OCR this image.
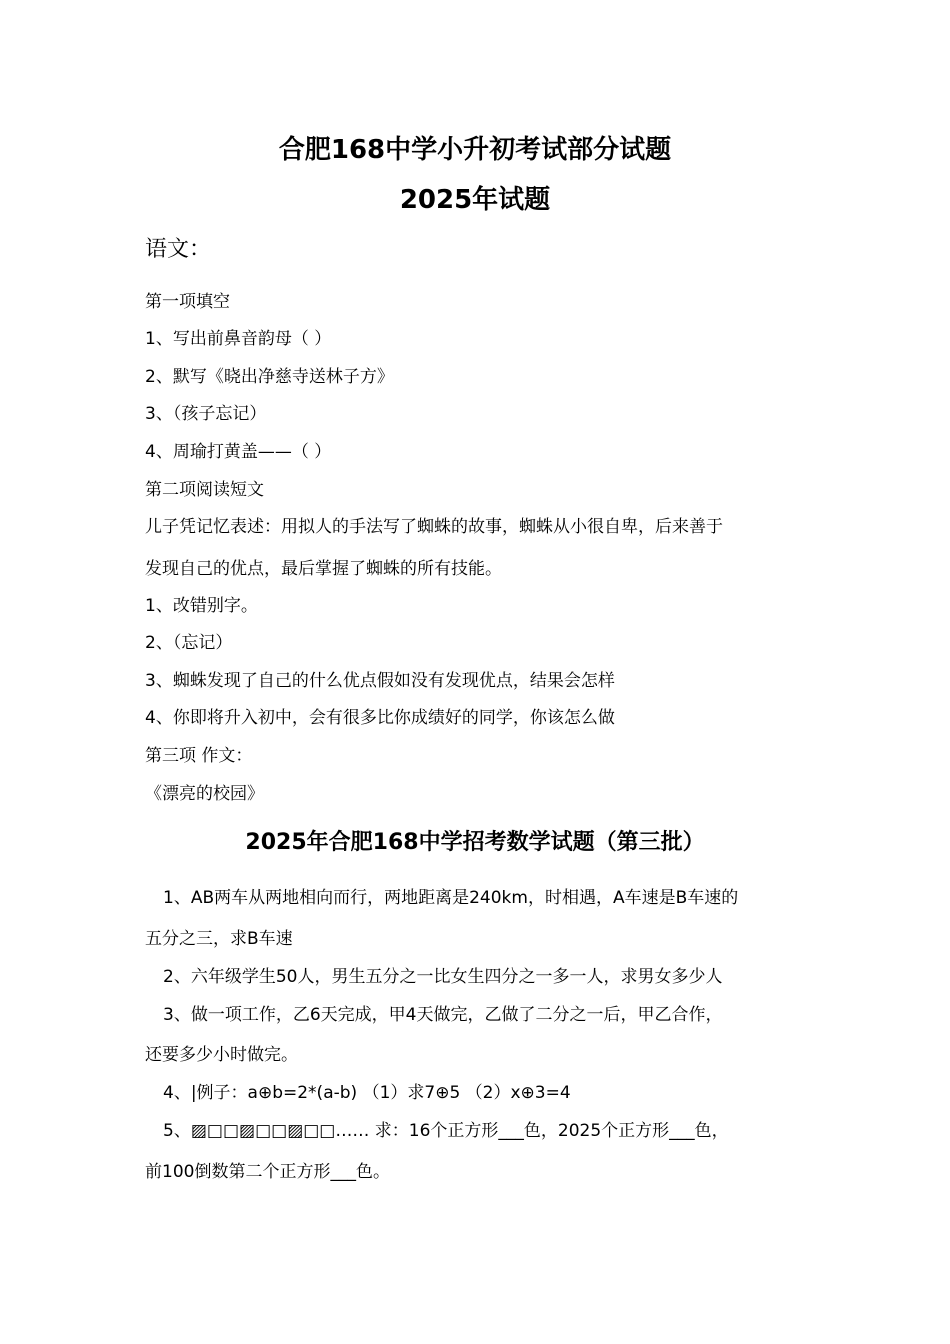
合肥168中学小升初考试部分试题
2025年试题
语文：
第一项填空
1、写出前鼻音韵母（ ）
2、默写《晓出净慈寺送林子方》
3、（孩子忘记）
4、周瑜打黄盖——（ ）
第二项阅读短文
儿子凭记忆表述：用拟人的手法写了蜘蛛的故事，蜘蛛从小很自卑，后来善于
发现自己的优点，最后掌握了蜘蛛的所有技能。
1、改错别字。
2、（忘记）
3、蜘蛛发现了自己的什么优点假如没有发现优点，结果会怎样
4、你即将升入初中，会有很多比你成绩好的同学，你该怎么做
第三项 作文：
《漂亮的校园》
2025年合肥168中学招考数学试题（第三批）
1、AB两车从两地相向而行，两地距离是240km，时相遇，A车速是B车速的
五分之三，求B车速
2、六年级学生50人，男生五分之一比女生四分之一多一人，求男女多少人
3、做一项工作，乙6天完成，甲4天做完，乙做了二分之一后，甲乙合作，
还要多少小时做完。
4、|例子：a⊕b=2*(a-b) （1）求7⊕5 （2）x⊕3=4
5、▨□□▨□□▨□□…… 求：16个正方形___色，2025个正方形___色，
前100倒数第二个正方形___色。
